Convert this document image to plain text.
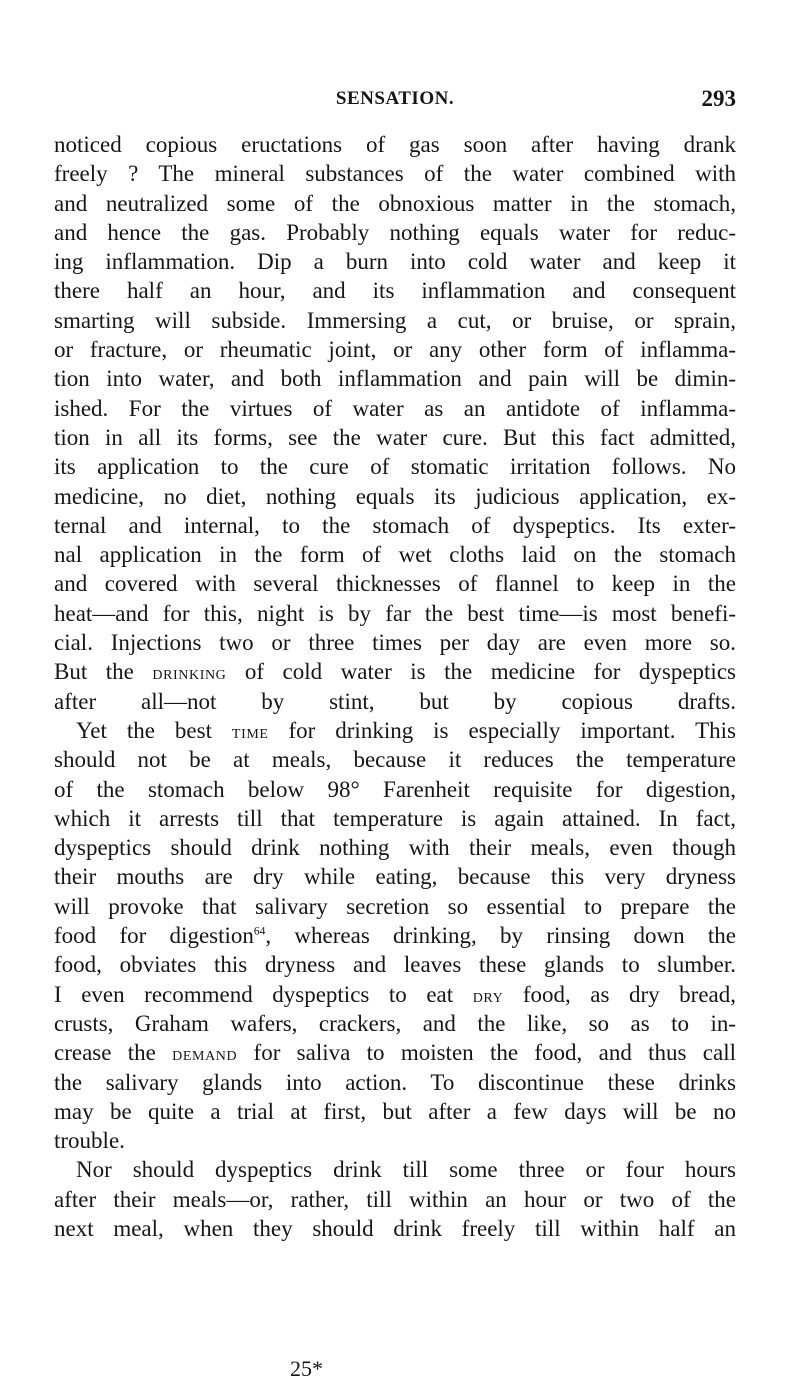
SENSATION.	293
noticed copious eructations of gas soon after having drank
freely ? The mineral substances of the water combined with
and neutralized some of the obnoxious matter in the stomach,
and hence the gas. Probably nothing equals water for reduc-
ing inflammation. Dip a burn into cold water and keep it
there half an hour, and its inflammation and consequent
smarting will subside. Immersing a cut, or bruise, or sprain,
or fracture, or rheumatic joint, or any other form of inflamma-
tion into water, and both inflammation and pain will be dimin-
ished. For the virtues of water as an antidote of inflamma-
tion in all its forms, see the water cure. But this fact admitted,
its application to the cure of stomatic irritation follows. No
medicine, no diet, nothing equals its judicious application, ex-
ternal and internal, to the stomach of dyspeptics. Its exter-
nal application in the form of wet cloths laid on the stomach
and covered with several thicknesses of flannel to keep in the
heat—and for this, night is by far the best time—is most benefi-
cial. Injections two or three times per day are even more so.
But the drinking of cold water is the medicine for dyspeptics
after all—not by stint, but by copious drafts.
Yet the best time for drinking is especially important. This
should not be at meals, because it reduces the temperature
of the stomach below 98° Farenheit requisite for digestion,
which it arrests till that temperature is again attained. In fact,
dyspeptics should drink nothing with their meals, even though
their mouths are dry while eating, because this very dryness
will provoke that salivary secretion so essential to prepare the
food for digestion$^{64}$, whereas drinking, by rinsing down the
food, obviates this dryness and leaves these glands to slumber.
I even recommend dyspeptics to eat dry food, as dry bread,
crusts, Graham wafers, crackers, and the like, so as to in-
crease the demand for saliva to moisten the food, and thus call
the salivary glands into action. To discontinue these drinks
may be quite a trial at first, but after a few days will be no
trouble.
Nor should dyspeptics drink till some three or four hours
after their meals—or, rather, till within an hour or two of the
next meal, when they should drink freely till within half an
25*
